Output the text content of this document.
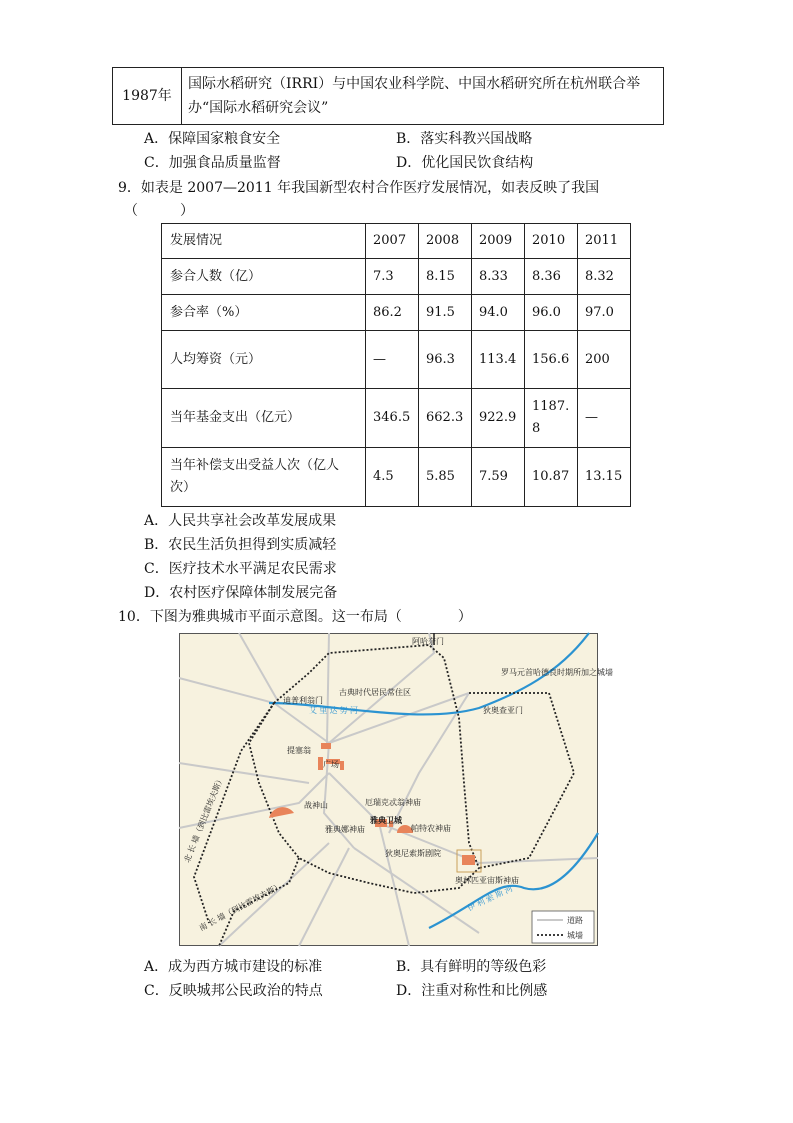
1987年	国际水稻研究（IRRI）与中国农业科学院、中国水稻研究所在杭州联合举办“国际水稻研究会议”
A．保障国家粮食安全	B．落实科教兴国战略
C．加强食品质量监督	D．优化国民饮食结构
9．如表是 2007—2011 年我国新型农村合作医疗发展情况，如表反映了我国
（　　　）
发展情况	2007	2008	2009	2010	2011
参合人数（亿）	7.3	8.15	8.33	8.36	8.32
参合率（%）	86.2	91.5	94.0	96.0	97.0
人均筹资（元）	—	96.3	113.4	156.6	200
当年基金支出（亿元）	346.5	662.3	922.9	1187.8	—
当年补偿支出受益人次（亿人次）	4.5	5.85	7.59	10.87	13.15
A．人民共享社会改革发展成果
B．农民生活负担得到实质减轻
C．医疗技术水平满足农民需求
D．农村医疗保障体制发展完备
10．下图为雅典城市平面示意图。这一布局（　　　　）
阿哈奈门
迪普利翁门
古典时代居民常住区
狄奥查亚门
艾 里 达 努 河
提塞翁
广场
战神山	厄瑞克忒翁神庙
雅典卫城
帕特农神庙
雅典娜神庙
狄奥尼索斯剧院
罗马元首哈德良时期所加之城墙
奥林匹亚宙斯神庙
北 长 墙（到比雷埃夫斯）
南 长 墙（到比雷埃夫斯）	伊 利 索 斯 河
道路
城墙
A．成为西方城市建设的标准	B．具有鲜明的等级色彩
C．反映城邦公民政治的特点	D．注重对称性和比例感
